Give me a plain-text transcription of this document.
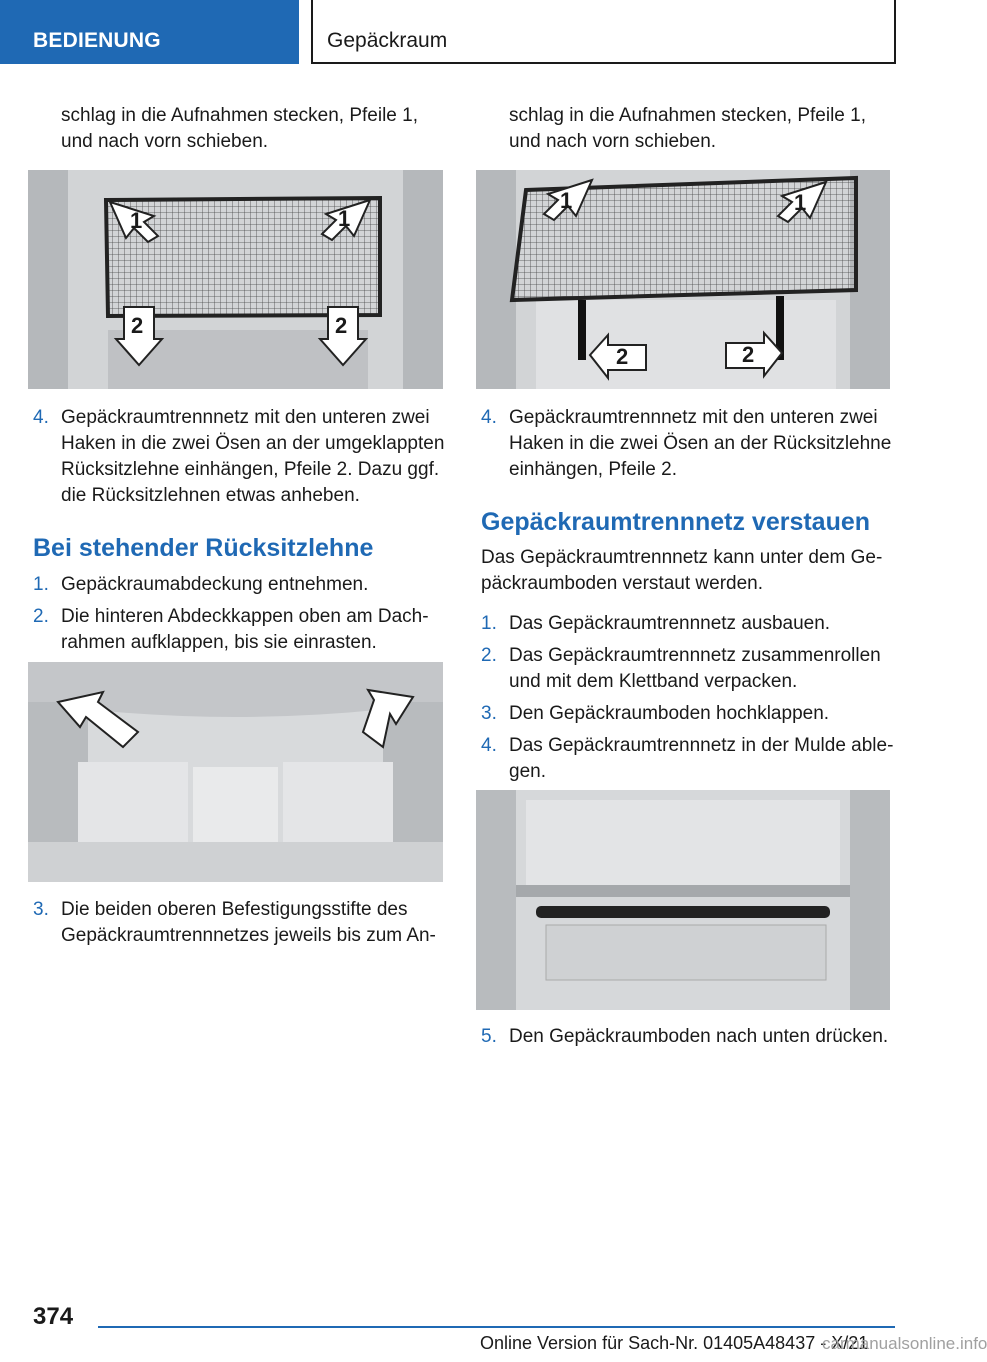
BEDIENUNG	Gepäckraum

schlag in die Aufnahmen stecken, Pfeile 1,

und nach vorn schieben.

1	1
2	2
4. Gepäckraumtrennnetz mit den unteren zwei
Haken in die zwei Ösen an der umgeklappten
Rücksitzlehne einhängen, Pfeile 2. Dazu ggf.
die Rücksitzlehnen etwas anheben.
Bei stehender Rücksitzlehne
1. Gepäckraumabdeckung entnehmen.
2. Die hinteren Abdeckkappen oben am Dach-
rahmen aufklappen, bis sie einrasten.
3. Die beiden oberen Befestigungsstifte des
Gepäckraumtrennnetzes jeweils bis zum An-

schlag in die Aufnahmen stecken, Pfeile 1,

und nach vorn schieben.

1	1
2	2
4. Gepäckraumtrennnetz mit den unteren zwei
Haken in die zwei Ösen an der Rücksitzlehne
einhängen, Pfeile 2.
Gepäckraumtrennnetz verstauen
Das Gepäckraumtrennnetz kann unter dem Ge-
päckraumboden verstaut werden.
1. Das Gepäckraumtrennnetz ausbauen.
2. Das Gepäckraumtrennnetz zusammenrollen
und mit dem Klettband verpacken.
3. Den Gepäckraumboden hochklappen.
4. Das Gepäckraumtrennnetz in der Mulde able-
gen.
5. Den Gepäckraumboden nach unten drücken.
374
Online Version für Sach-Nr. 01405A48437 - X/21
carmanualsonline.info
